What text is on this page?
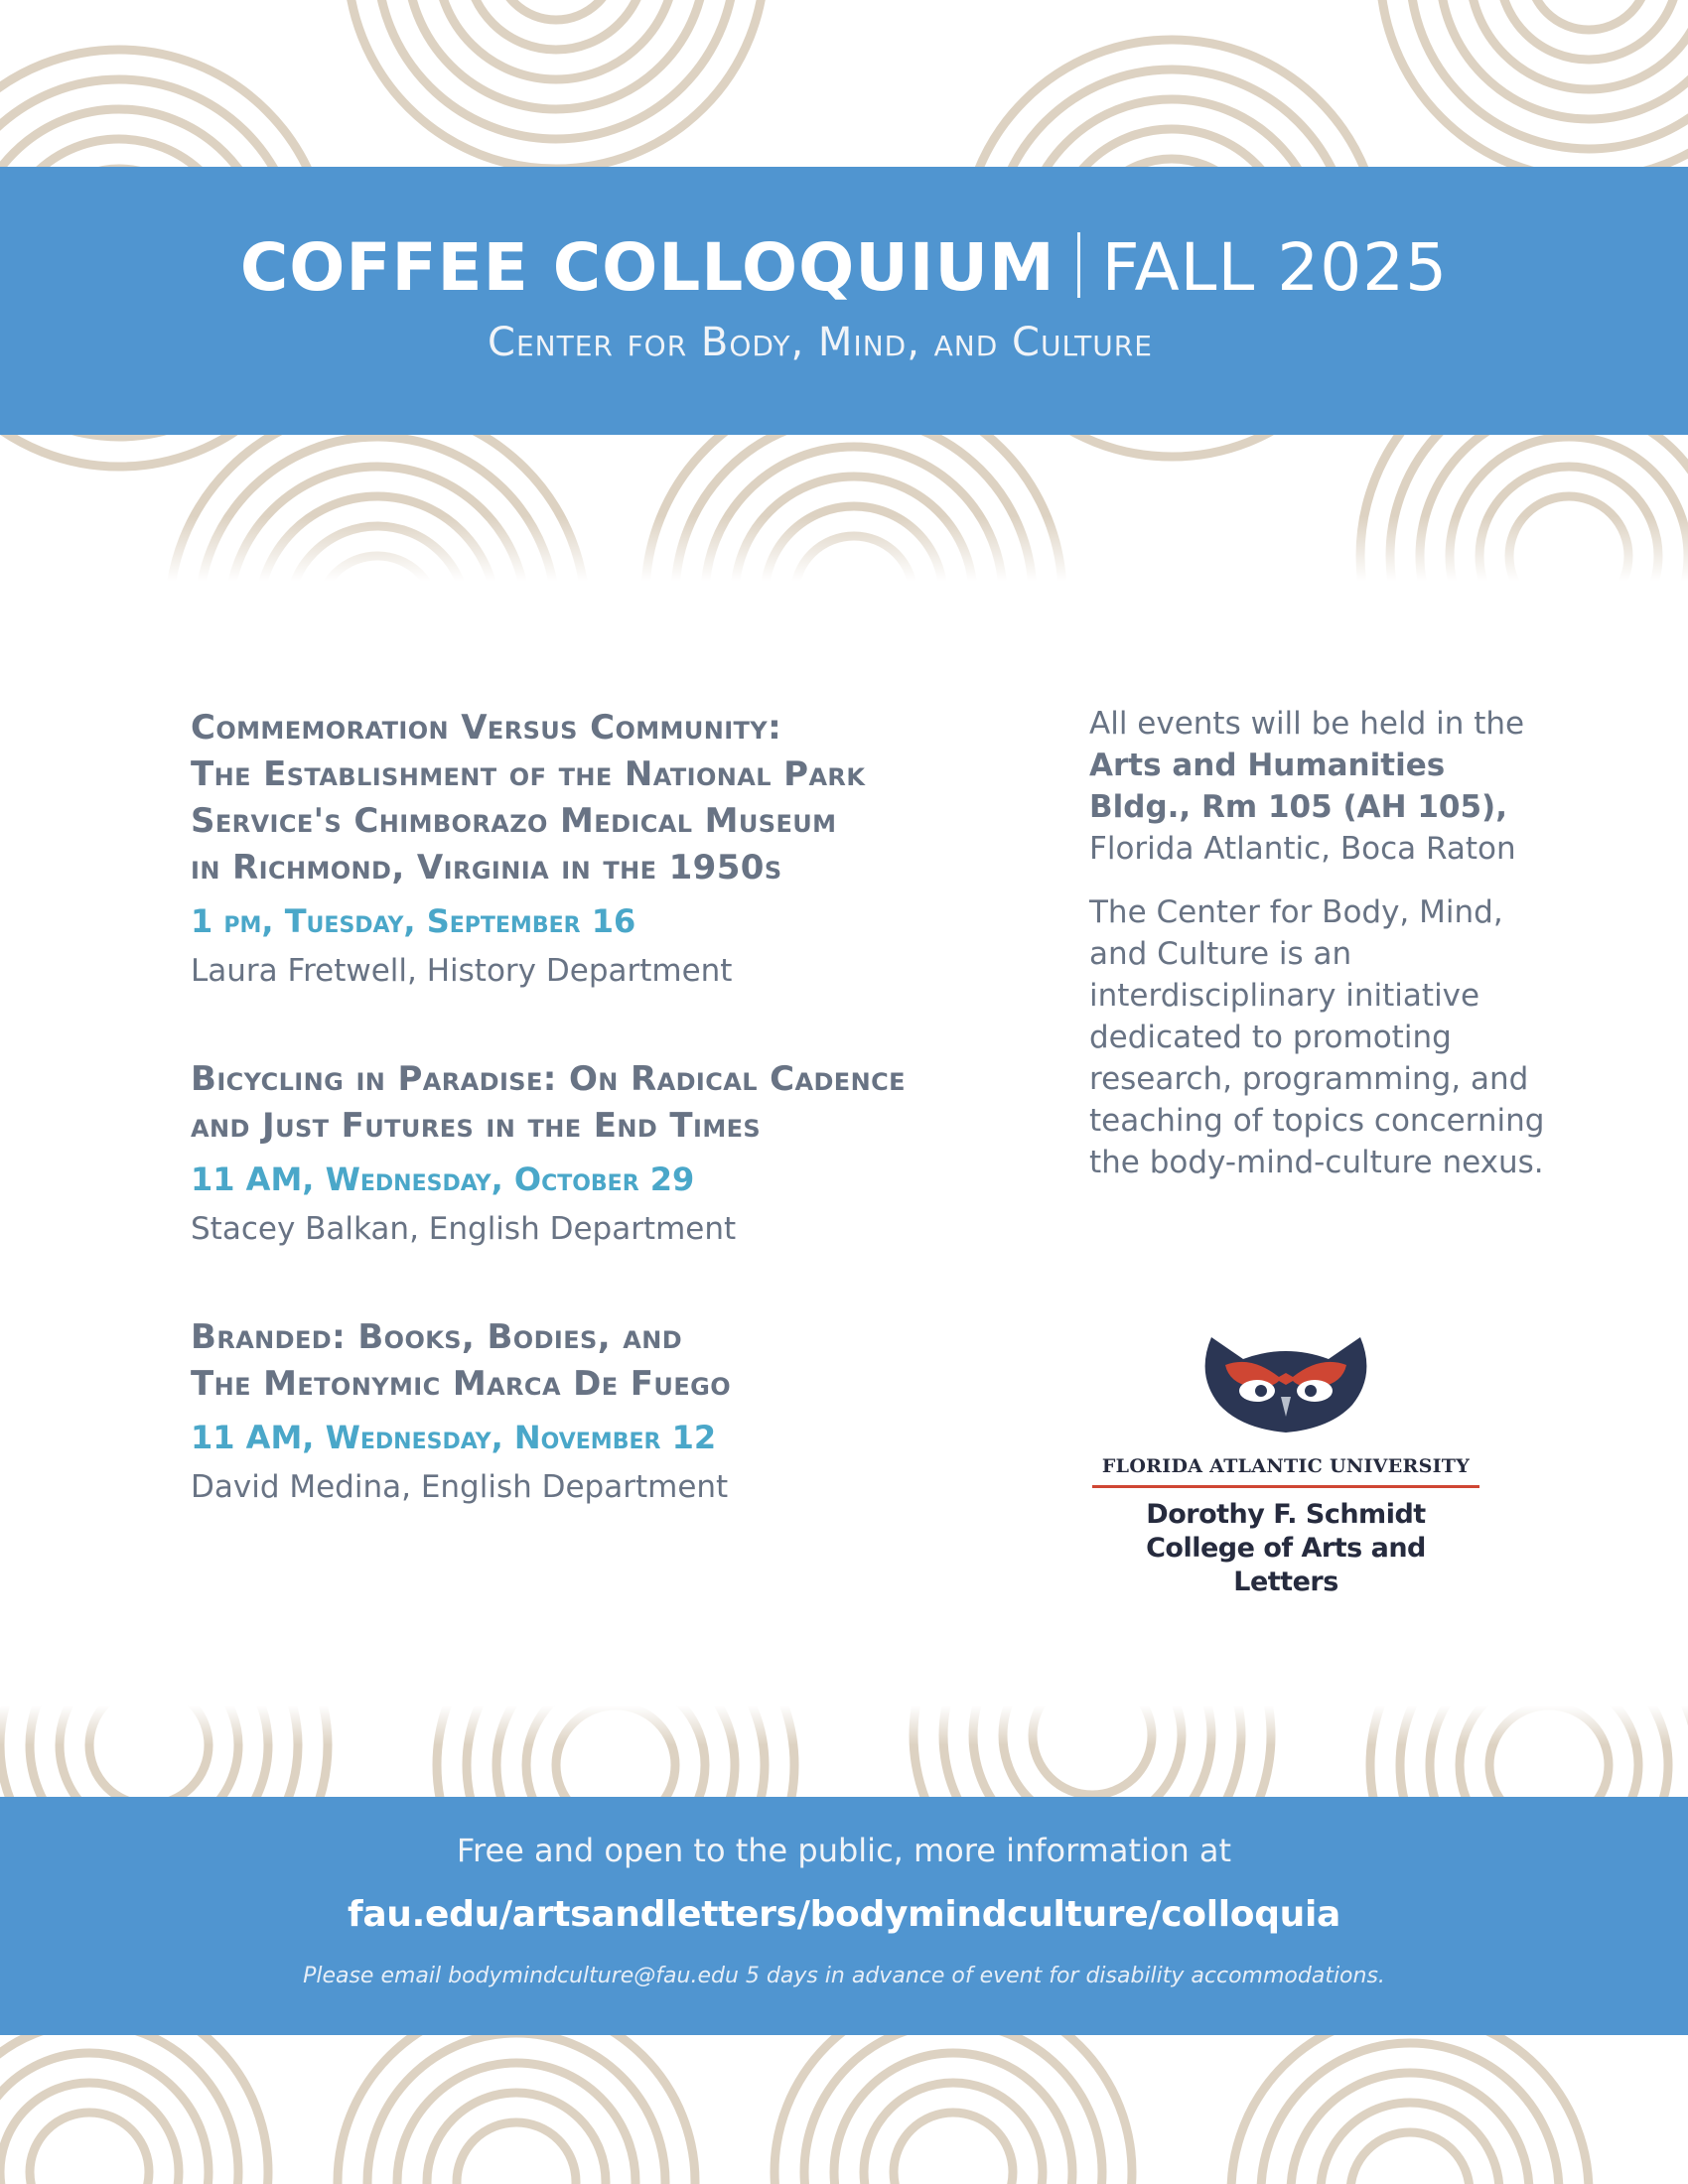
COFFEE COLLOQUIUM FALL 2025
Center for Body, Mind, and Culture
Commemoration Versus Community:
The Establishment of the National Park
Service's Chimborazo Medical Museum
in Richmond, Virginia in the 1950s
1 pm, Tuesday, September 16
Laura Fretwell, History Department
Bicycling in Paradise: On Radical Cadence
and Just Futures in the End Times
11 AM, Wednesday, October 29
Stacey Balkan, English Department
Branded: Books, Bodies, and
The Metonymic Marca De Fuego
11 AM, Wednesday, November 12
David Medina, English Department

All events will be held in the Arts and Humanities Bldg., Rm 105 (AH 105), Florida Atlantic, Boca Raton

The Center for Body, Mind, and Culture is an interdisciplinary initiative dedicated to promoting research, programming, and teaching of topics concerning the body-mind-culture nexus.

FLORIDA ATLANTIC UNIVERSITY
Dorothy F. Schmidt
College of Arts and Letters
Free and open to the public, more information at
fau.edu/artsandletters/bodymindculture/colloquia
Please email bodymindculture@fau.edu 5 days in advance of event for disability accommodations.
